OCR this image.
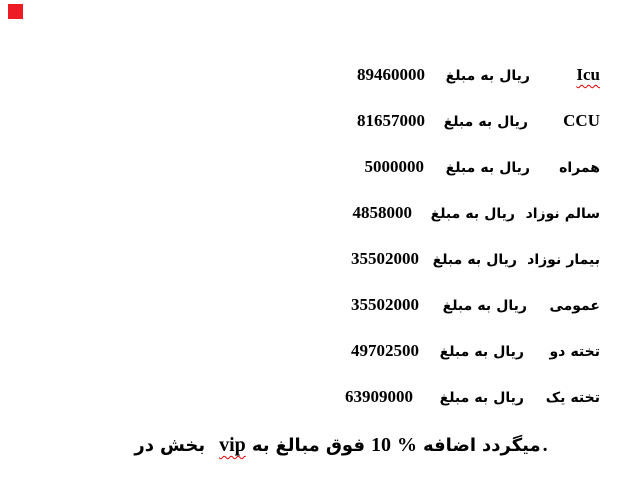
89460000 مبلغ به ریال	Icu
81657000 مبلغ به ریال CCU
5000000 مبلغ به ریال همراه
4858000 مبلغ به ریال نوزاد سالم
35502000 مبلغ به ریال نوزاد بیمار
35502000 مبلغ به ریال عمومی
49702500 مبلغ به ریال دو تخته
63909000 مبلغ به ریال یک تخته
در بخش vip به مبالغ فوق 10 % اضافه میگردد .
